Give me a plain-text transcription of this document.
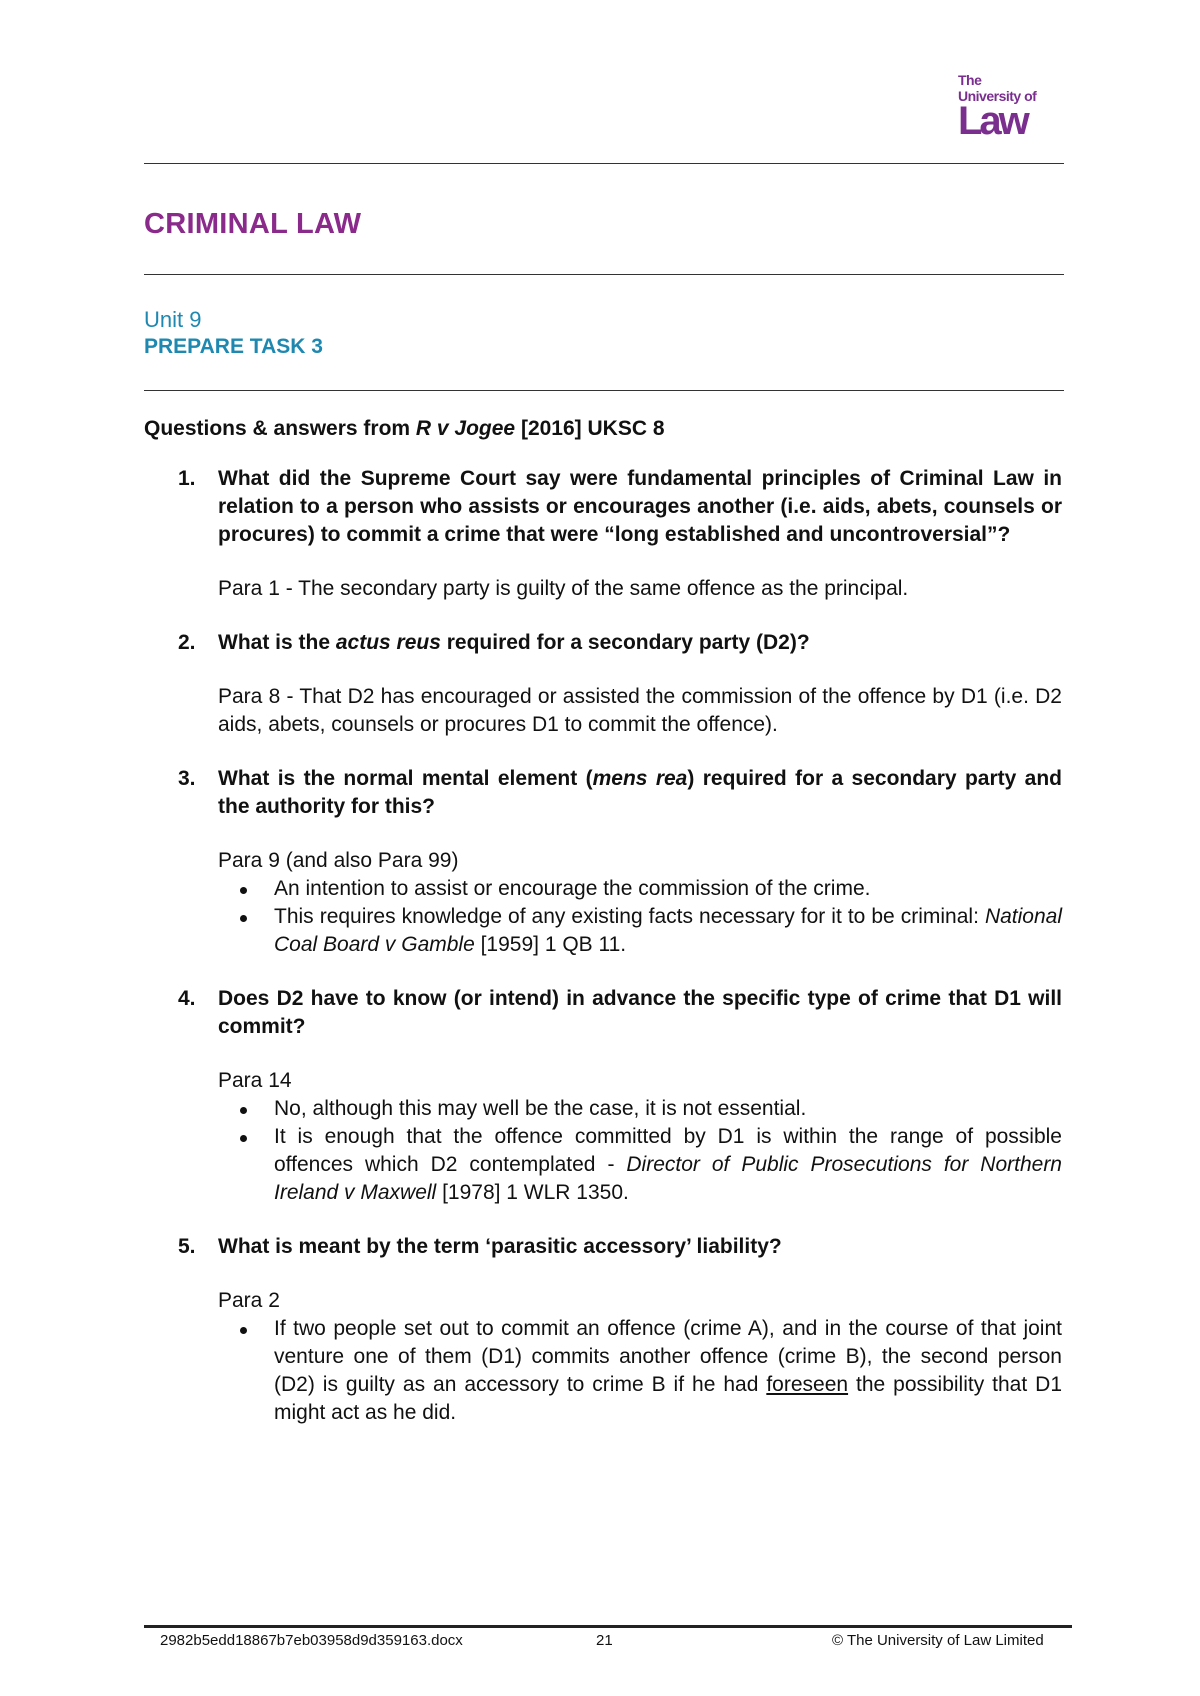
The
University of
Law
CRIMINAL LAW
Unit 9
PREPARE TASK 3

Questions & answers from R v Jogee [2016] UKSC 8

1. What did the Supreme Court say were fundamental principles of Criminal Law in relation to a person who assists or encourages another (i.e. aids, abets, counsels or procures) to commit a crime that were “long established and uncontroversial”?
Para 1 - The secondary party is guilty of the same offence as the principal.
2. What is the actus reus required for a secondary party (D2)?
Para 8 - That D2 has encouraged or assisted the commission of the offence by D1 (i.e. D2 aids, abets, counsels or procures D1 to commit the offence).
3. What is the normal mental element (mens rea) required for a secondary party and the authority for this?

Para 9 (and also Para 99)

An intention to assist or encourage the commission of the crime.
This requires knowledge of any existing facts necessary for it to be criminal: National Coal Board v Gamble [1959] 1 QB 11.
4. Does D2 have to know (or intend) in advance the specific type of crime that D1 will commit?

Para 14

No, although this may well be the case, it is not essential.
It is enough that the offence committed by D1 is within the range of possible offences which D2 contemplated - Director of Public Prosecutions for Northern Ireland v Maxwell [1978] 1 WLR 1350.
5. What is meant by the term ‘parasitic accessory’ liability?

Para 2

If two people set out to commit an offence (crime A), and in the course of that joint venture one of them (D1) commits another offence (crime B), the second person (D2) is guilty as an accessory to crime B if he had foreseen the possibility that D1 might act as he did.
2982b5edd18867b7eb03958d9d359163.docx	21	© The University of Law Limited
